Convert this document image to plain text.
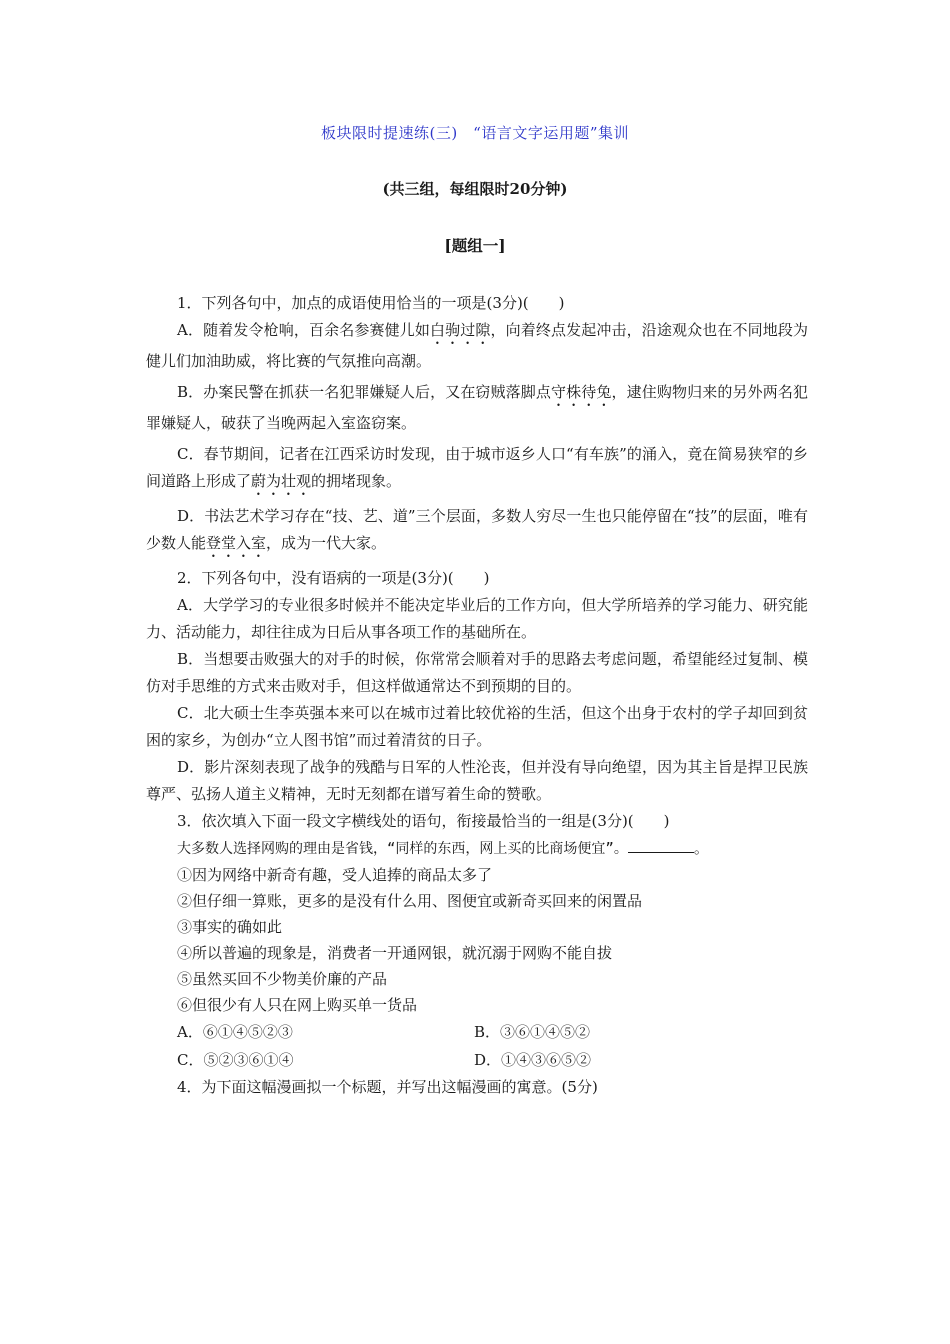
板块限时提速练(三)　“语言文字运用题”集训
(共三组，每组限时20分钟)
[题组一]

1．下列各句中，加点的成语使用恰当的一项是(3分)(　　)

A．随着发令枪响，百余名参赛健儿如白驹过隙，向着终点发起冲击，沿途观众也在不同地段为健儿们加油助威，将比赛的气氛推向高潮。

B．办案民警在抓获一名犯罪嫌疑人后，又在窃贼落脚点守株待兔，逮住购物归来的另外两名犯罪嫌疑人，破获了当晚两起入室盗窃案。

C．春节期间，记者在江西采访时发现，由于城市返乡人口“有车族”的涌入，竟在简易狭窄的乡间道路上形成了蔚为壮观的拥堵现象。

D．书法艺术学习存在“技、艺、道”三个层面，多数人穷尽一生也只能停留在“技”的层面，唯有少数人能登堂入室，成为一代大家。

2．下列各句中，没有语病的一项是(3分)(　　)

A．大学学习的专业很多时候并不能决定毕业后的工作方向，但大学所培养的学习能力、研究能力、活动能力，却往往成为日后从事各项工作的基础所在。

B．当想要击败强大的对手的时候，你常常会顺着对手的思路去考虑问题，希望能经过复制、模仿对手思维的方式来击败对手，但这样做通常达不到预期的目的。

C．北大硕士生李英强本来可以在城市过着比较优裕的生活，但这个出身于农村的学子却回到贫困的家乡，为创办“立人图书馆”而过着清贫的日子。

D．影片深刻表现了战争的残酷与日军的人性沦丧，但并没有导向绝望，因为其主旨是捍卫民族尊严、弘扬人道主义精神，无时无刻都在谱写着生命的赞歌。

3．依次填入下面一段文字横线处的语句，衔接最恰当的一组是(3分)(　　)

大多数人选择网购的理由是省钱，“同样的东西，网上买的比商场便宜”。	。

①因为网络中新奇有趣，受人追捧的商品太多了

②但仔细一算账，更多的是没有什么用、图便宜或新奇买回来的闲置品

③事实的确如此

④所以普遍的现象是，消费者一开通网银，就沉溺于网购不能自拔

⑤虽然买回不少物美价廉的产品

⑥但很少有人只在网上购买单一货品

A．⑥①④⑤②③	B．③⑥①④⑤②
C．⑤②③⑥①④	D．①④③⑥⑤②

4．为下面这幅漫画拟一个标题，并写出这幅漫画的寓意。(5分)
